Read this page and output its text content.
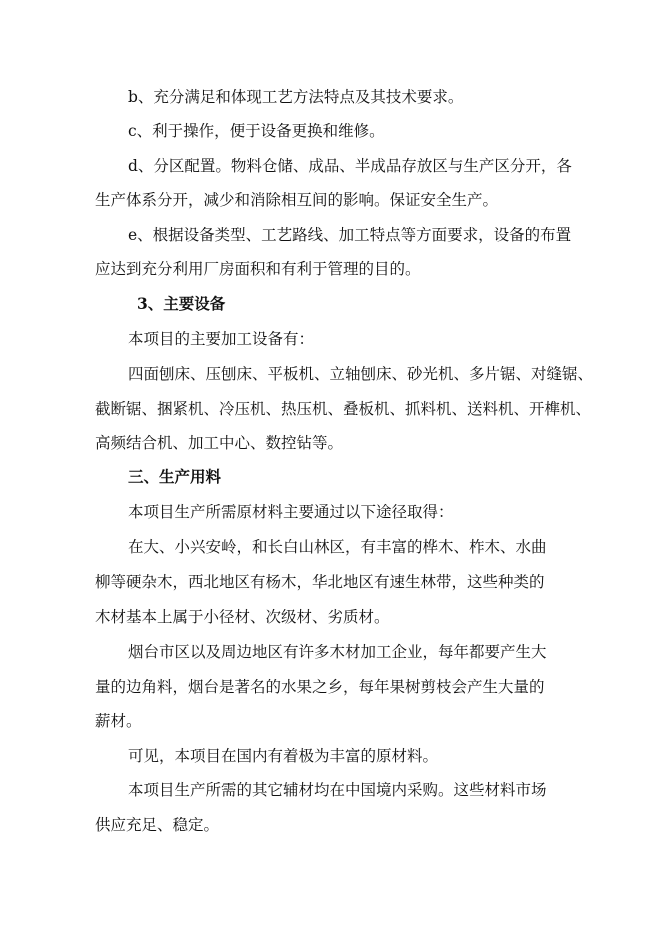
b、充分满足和体现工艺方法特点及其技术要求。
c、利于操作，便于设备更换和维修。
d、分区配置。物料仓储、成品、半成品存放区与生产区分开，各
生产体系分开，减少和消除相互间的影响。保证安全生产。
e、根据设备类型、工艺路线、加工特点等方面要求，设备的布置
应达到充分利用厂房面积和有利于管理的目的。
3、主要设备
本项目的主要加工设备有：
四面刨床、压刨床、平板机、立轴刨床、砂光机、多片锯、对缝锯、
截断锯、捆紧机、冷压机、热压机、叠板机、抓料机、送料机、开榫机、
高频结合机、加工中心、数控钻等。
三、生产用料
本项目生产所需原材料主要通过以下途径取得：
在大、小兴安岭，和长白山林区，有丰富的桦木、柞木、水曲
柳等硬杂木，西北地区有杨木，华北地区有速生林带，这些种类的
木材基本上属于小径材、次级材、劣质材。
烟台市区以及周边地区有许多木材加工企业，每年都要产生大
量的边角料，烟台是著名的水果之乡，每年果树剪枝会产生大量的
薪材。
可见，本项目在国内有着极为丰富的原材料。
本项目生产所需的其它辅材均在中国境内采购。这些材料市场
供应充足、稳定。
